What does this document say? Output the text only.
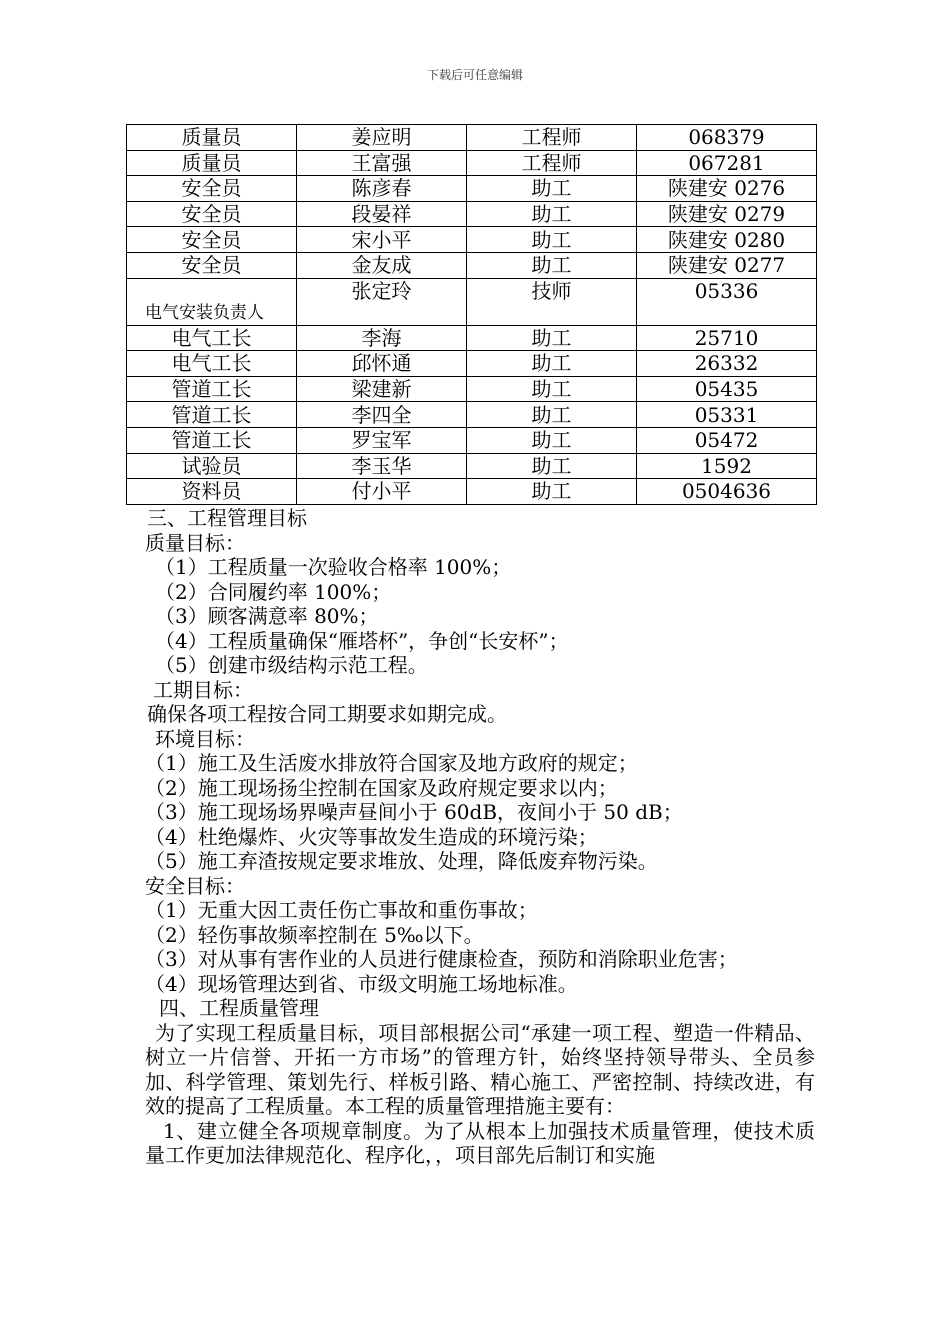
下载后可任意编辑
质量员	姜应明	工程师	068379
质量员	王富强	工程师	067281
安全员	陈彦春	助工	陕建安 0276
安全员	段晏祥	助工	陕建安 0279
安全员	宋小平	助工	陕建安 0280
安全员	金友成	助工	陕建安 0277
电气安装负责人	张定玲	技师	05336
电气工长	李海	助工	25710
电气工长	邱怀通	助工	26332
管道工长	梁建新	助工	05435
管道工长	李四全	助工	05331
管道工长	罗宝军	助工	05472
试验员	李玉华	助工	1592
资料员	付小平	助工	0504636

三、工程管理目标

质量目标：

（1）工程质量一次验收合格率 100%；

（2）合同履约率 100%；

（3）顾客满意率 80%；

（4）工程质量确保“雁塔杯”，争创“长安杯”；

（5）创建市级结构示范工程。

工期目标：

确保各项工程按合同工期要求如期完成。

环境目标：

（1）施工及生活废水排放符合国家及地方政府的规定；

（2）施工现场扬尘控制在国家及政府规定要求以内；

（3）施工现场场界噪声昼间小于 60dB，夜间小于 50 dB；

（4）杜绝爆炸、火灾等事故发生造成的环境污染；

（5）施工弃渣按规定要求堆放、处理，降低废弃物污染。

安全目标：

（1）无重大因工责任伤亡事故和重伤事故；

（2）轻伤事故频率控制在 5‰以下。

（3）对从事有害作业的人员进行健康检查，预防和消除职业危害；

（4）现场管理达到省、市级文明施工场地标准。

四、工程质量管理

为了实现工程质量目标，项目部根据公司“承建一项工程、塑造一件精品、树立一片信誉、开拓一方市场”的管理方针，始终坚持领导带头、全员参加、科学管理、策划先行、样板引路、精心施工、严密控制、持续改进，有效的提高了工程质量。本工程的质量管理措施主要有：

1、建立健全各项规章制度。为了从根本上加强技术质量管理，使技术质量工作更加法律规范化、程序化，，项目部先后制订和实施
